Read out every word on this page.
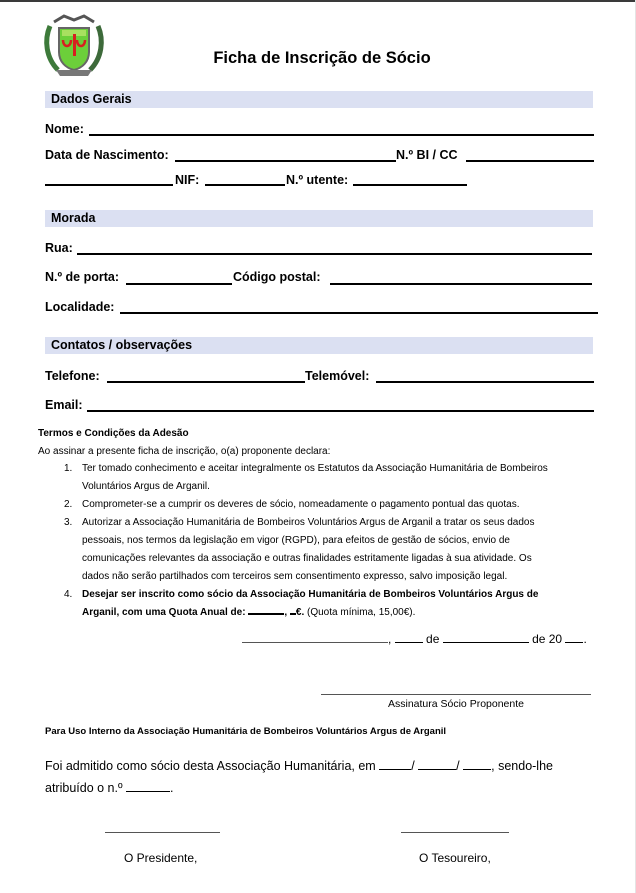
Ficha de Inscrição de Sócio
Dados Gerais
Nome:
Data de Nascimento:	N.º BI / CC
NIF:	N.º utente:
Morada
Rua:
N.º de porta:	Código postal:
Localidade:
Contatos / observações
Telefone:	Telemóvel:
Email:
Termos e Condições da Adesão
Ao assinar a presente ficha de inscrição, o(a) proponente declara:
1. Ter tomado conhecimento e aceitar integralmente os Estatutos da Associação Humanitária de Bombeiros
Voluntários Argus de Arganil.
2. Comprometer-se a cumprir os deveres de sócio, nomeadamente o pagamento pontual das quotas.
3. Autorizar a Associação Humanitária de Bombeiros Voluntários Argus de Arganil a tratar os seus dados
pessoais, nos termos da legislação em vigor (RGPD), para efeitos de gestão de sócios, envio de
comunicações relevantes da associação e outras finalidades estritamente ligadas à sua atividade. Os
dados não serão partilhados com terceiros sem consentimento expresso, salvo imposição legal.
4. Desejar ser inscrito como sócio da Associação Humanitária de Bombeiros Voluntários Argus de
Arganil, com uma Quota Anual de:	, €. (Quota mínima, 15,00€).
,	de	de 20 .
Assinatura Sócio Proponente
Para Uso Interno da Associação Humanitária de Bombeiros Voluntários Argus de Arganil
Foi admitido como sócio desta Associação Humanitária, em	/	/	, sendo-lhe
atribuído o n.º	.
O Presidente,	O Tesoureiro,
